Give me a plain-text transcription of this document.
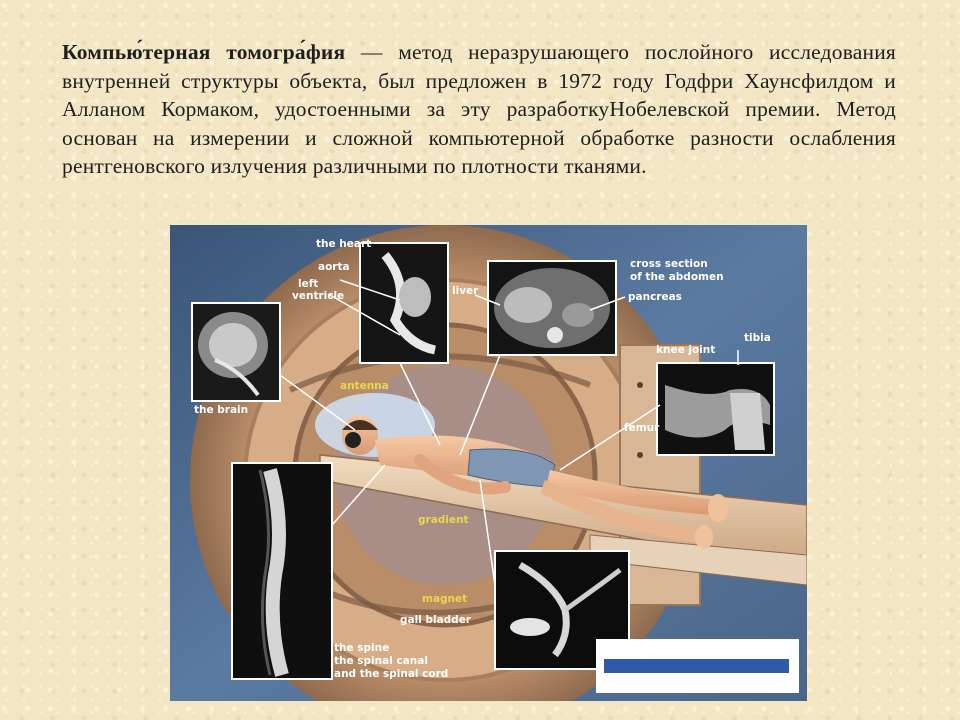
Компью́терная томогра́фия — метод неразрушающего послойного исследования внутренней структуры объекта, был предложен в 1972 году Годфри Хаунсфилдом и Алланом Кормаком, удостоенными за эту разработкуНобелевской премии. Метод основан на измерении и сложной компьютерной обработке разности ослабления рентгеновского излучения различными по плотности тканями.
the heart
aorta
left
ventricle	liver
cross section
of the abdomen
pancreas
knee joint
tibia
femur
the brain
antenna
gradient
magnet
gall bladder
the spine
the spinal canal
and the spinal cord
